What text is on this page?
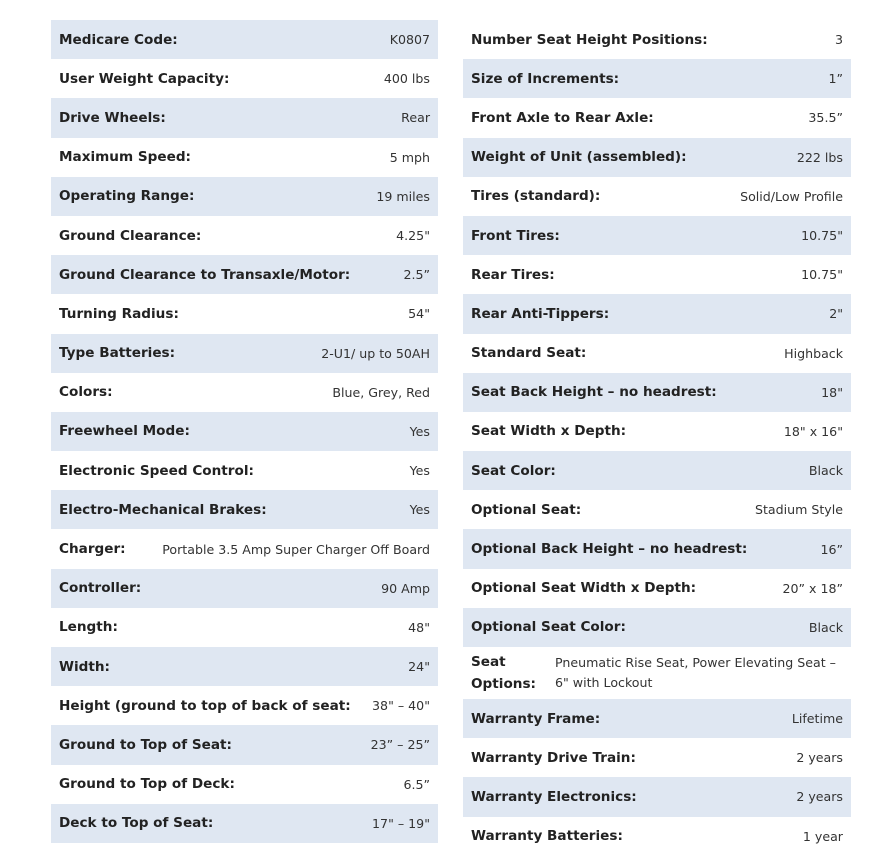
Medicare Code:	K0807
User Weight Capacity:	400 lbs
Drive Wheels:	Rear
Maximum Speed:	5 mph
Operating Range:	19 miles
Ground Clearance:	4.25"
Ground Clearance to Transaxle/Motor:	2.5”
Turning Radius:	54"
Type Batteries:	2-U1/ up to 50AH
Colors:	Blue, Grey, Red
Freewheel Mode:	Yes
Electronic Speed Control:	Yes
Electro-Mechanical Brakes:	Yes
Charger:	Portable 3.5 Amp Super Charger Off Board
Controller:	90 Amp
Length:	48"
Width:	24"
Height (ground to top of back of seat: 38" – 40"
Ground to Top of Seat:	23” – 25”
Ground to Top of Deck:	6.5”
Deck to Top of Seat:	17" – 19"
Number Seat Height Positions:	3
Size of Increments:	1”
Front Axle to Rear Axle:	35.5”
Weight of Unit (assembled):	222 lbs
Tires (standard):	Solid/Low Profile
Front Tires:	10.75"
Rear Tires:	10.75"
Rear Anti-Tippers:	2"
Standard Seat:	Highback
Seat Back Height – no headrest:	18"
Seat Width x Depth:	18" x 16"
Seat Color:	Black
Optional Seat:	Stadium Style
Optional Back Height – no headrest:	16”
Optional Seat Width x Depth:	20” x 18”
Optional Seat Color:	Black
Seat Options:
Pneumatic Rise Seat, Power Elevating Seat – 6" with Lockout
Warranty Frame:	Lifetime
Warranty Drive Train:	2 years
Warranty Electronics:	2 years
Warranty Batteries:	1 year
